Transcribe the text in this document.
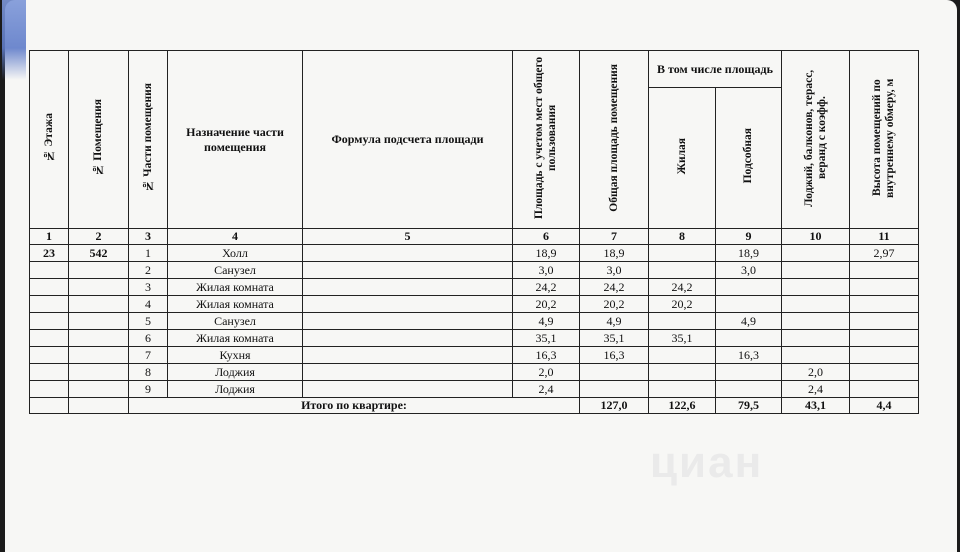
циан
№ Этажа	№ Помещения	№ Части помещения	Назначение части помещения	Формула подсчета площади	Площадь с учетом мест общего пользования	Общая площадь помещения	В том числе площадь		Лоджий, балконов, терасс, веранд с коэфф.	Высота помещений по внутреннему обмеру, м
							Жилая	Подсобная		
1	2	3	4	5	6	7	8	9	10	11
23	542	1	Холл		18,9	18,9		18,9		2,97
		2	Санузел		3,0	3,0		3,0		
		3	Жилая комната		24,2	24,2	24,2			
		4	Жилая комната		20,2	20,2	20,2			
		5	Санузел		4,9	4,9		4,9		
		6	Жилая комната		35,1	35,1	35,1			
		7	Кухня		16,3	16,3		16,3		
		8	Лоджия		2,0				2,0	
		9	Лоджия		2,4				2,4	
		Итого по квартире:				127,0	122,6	79,5	43,1	4,4
